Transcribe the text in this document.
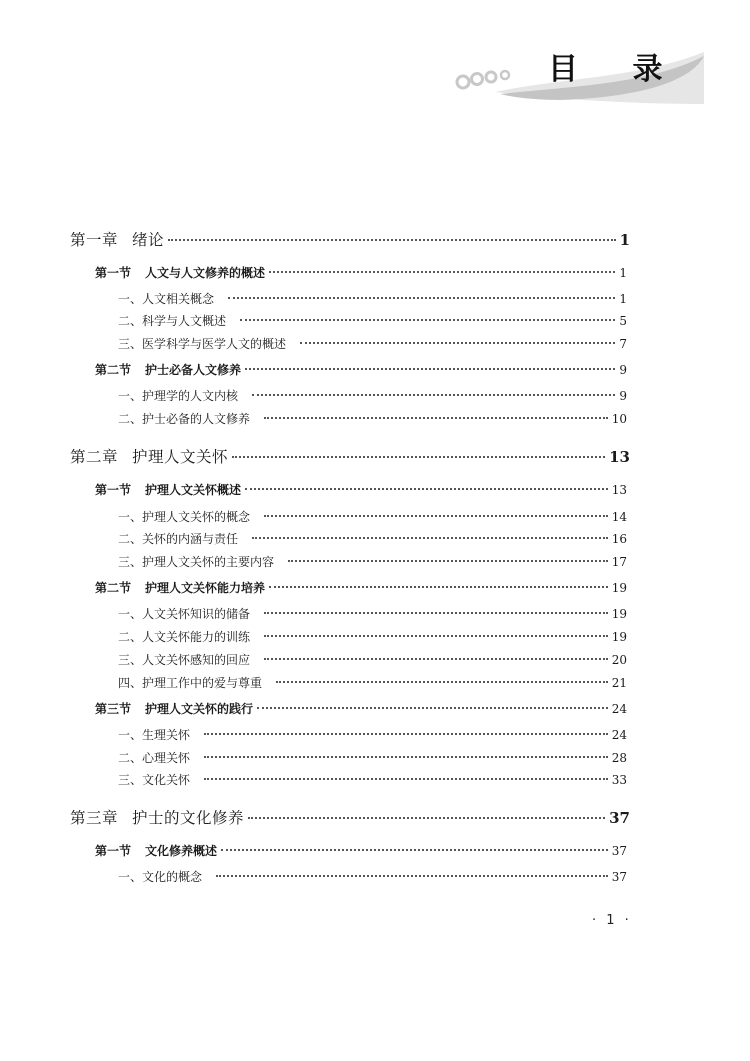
目 录
第一章 绪论	1
第一节 人文与人文修养的概述	1
一、人文相关概念	1
二、科学与人文概述	5
三、医学科学与医学人文的概述	7
第二节 护士必备人文修养	9
一、护理学的人文内核	9
二、护士必备的人文修养	10
第二章 护理人文关怀	13
第一节 护理人文关怀概述	13
一、护理人文关怀的概念	14
二、关怀的内涵与责任	16
三、护理人文关怀的主要内容	17
第二节 护理人文关怀能力培养	19
一、人文关怀知识的储备	19
二、人文关怀能力的训练	19
三、人文关怀感知的回应	20
四、护理工作中的爱与尊重	21
第三节 护理人文关怀的践行	24
一、生理关怀	24
二、心理关怀	28
三、文化关怀	33
第三章 护士的文化修养	37
第一节 文化修养概述	37
一、文化的概念	37
· 1 ·
